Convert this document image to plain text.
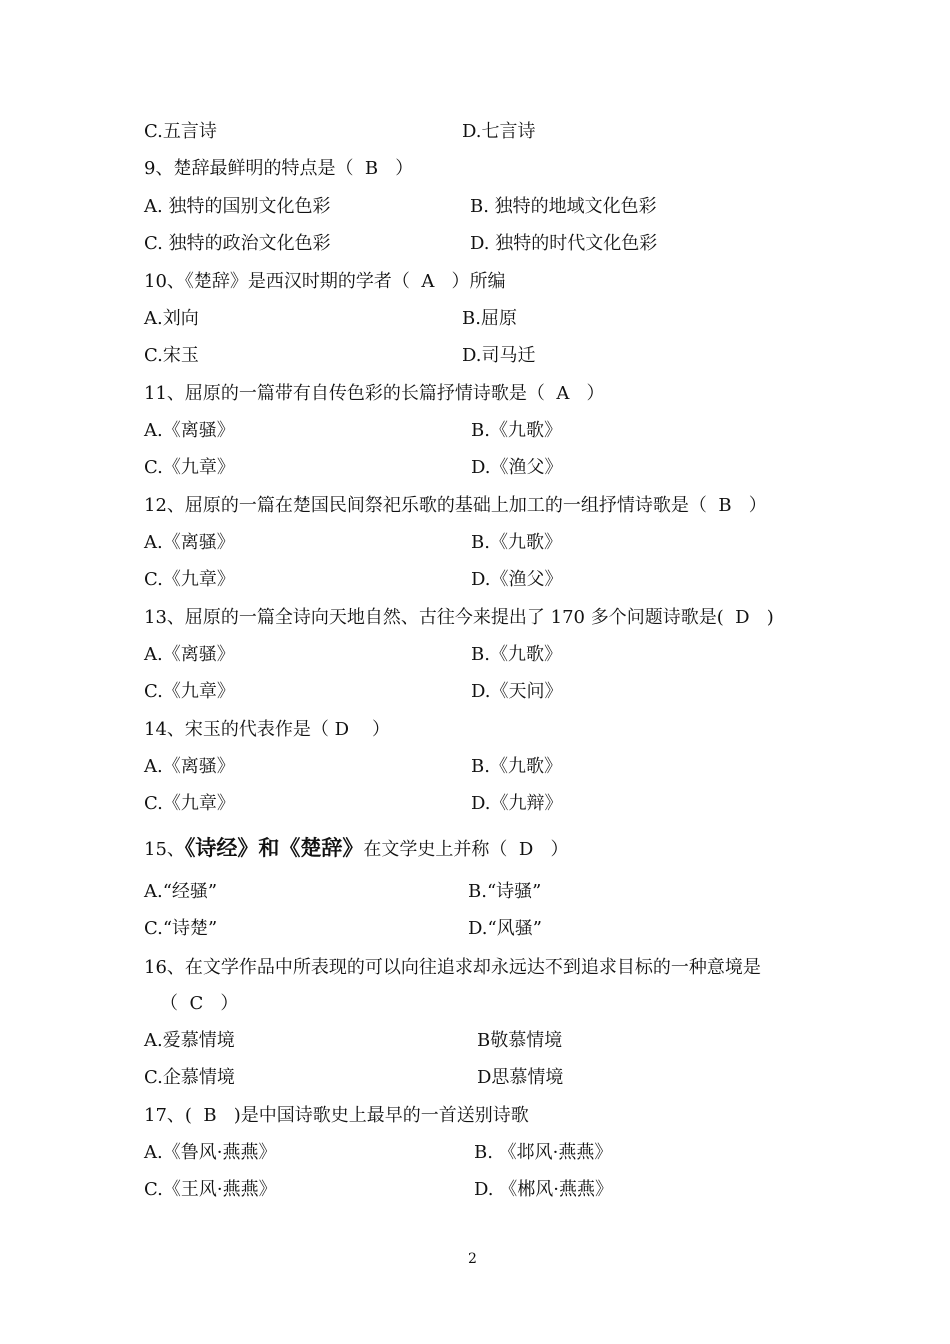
C.五言诗	D.七言诗

9、楚辞最鲜明的特点是（  B   ）

A. 独特的国别文化色彩	B. 独特的地域文化色彩

C. 独特的政治文化色彩	D. 独特的时代文化色彩

10、《楚辞》是西汉时期的学者（  A   ）所编

A.刘向	B.屈原

C.宋玉	D.司马迁

11、屈原的一篇带有自传色彩的长篇抒情诗歌是（  A   ）

A.《离骚》	B.《九歌》

C.《九章》	D.《渔父》

12、屈原的一篇在楚国民间祭祀乐歌的基础上加工的一组抒情诗歌是（  B   ）

A.《离骚》	B.《九歌》

C.《九章》	D.《渔父》

13、屈原的一篇全诗向天地自然、古往今来提出了 170 多个问题诗歌是(  D   )

A.《离骚》	B.《九歌》

C.《九章》	D.《天问》

14、宋玉的代表作是（ D    ）

A.《离骚》	B.《九歌》

C.《九章》	D.《九辩》

15、《诗经》和《楚辞》在文学史上并称（  D   ）

A.“经骚”	B.“诗骚”

C.“诗楚”	D.“风骚”

16、在文学作品中所表现的可以向往追求却永远达不到追求目标的一种意境是

（  C   ）

A.爱慕情境	B敬慕情境

C.企慕情境	D思慕情境

17、(  B   )是中国诗歌史上最早的一首送别诗歌

A.《鲁风·燕燕》	B. 《邶风·燕燕》

C.《王风·燕燕》	D. 《郴风·燕燕》

2
